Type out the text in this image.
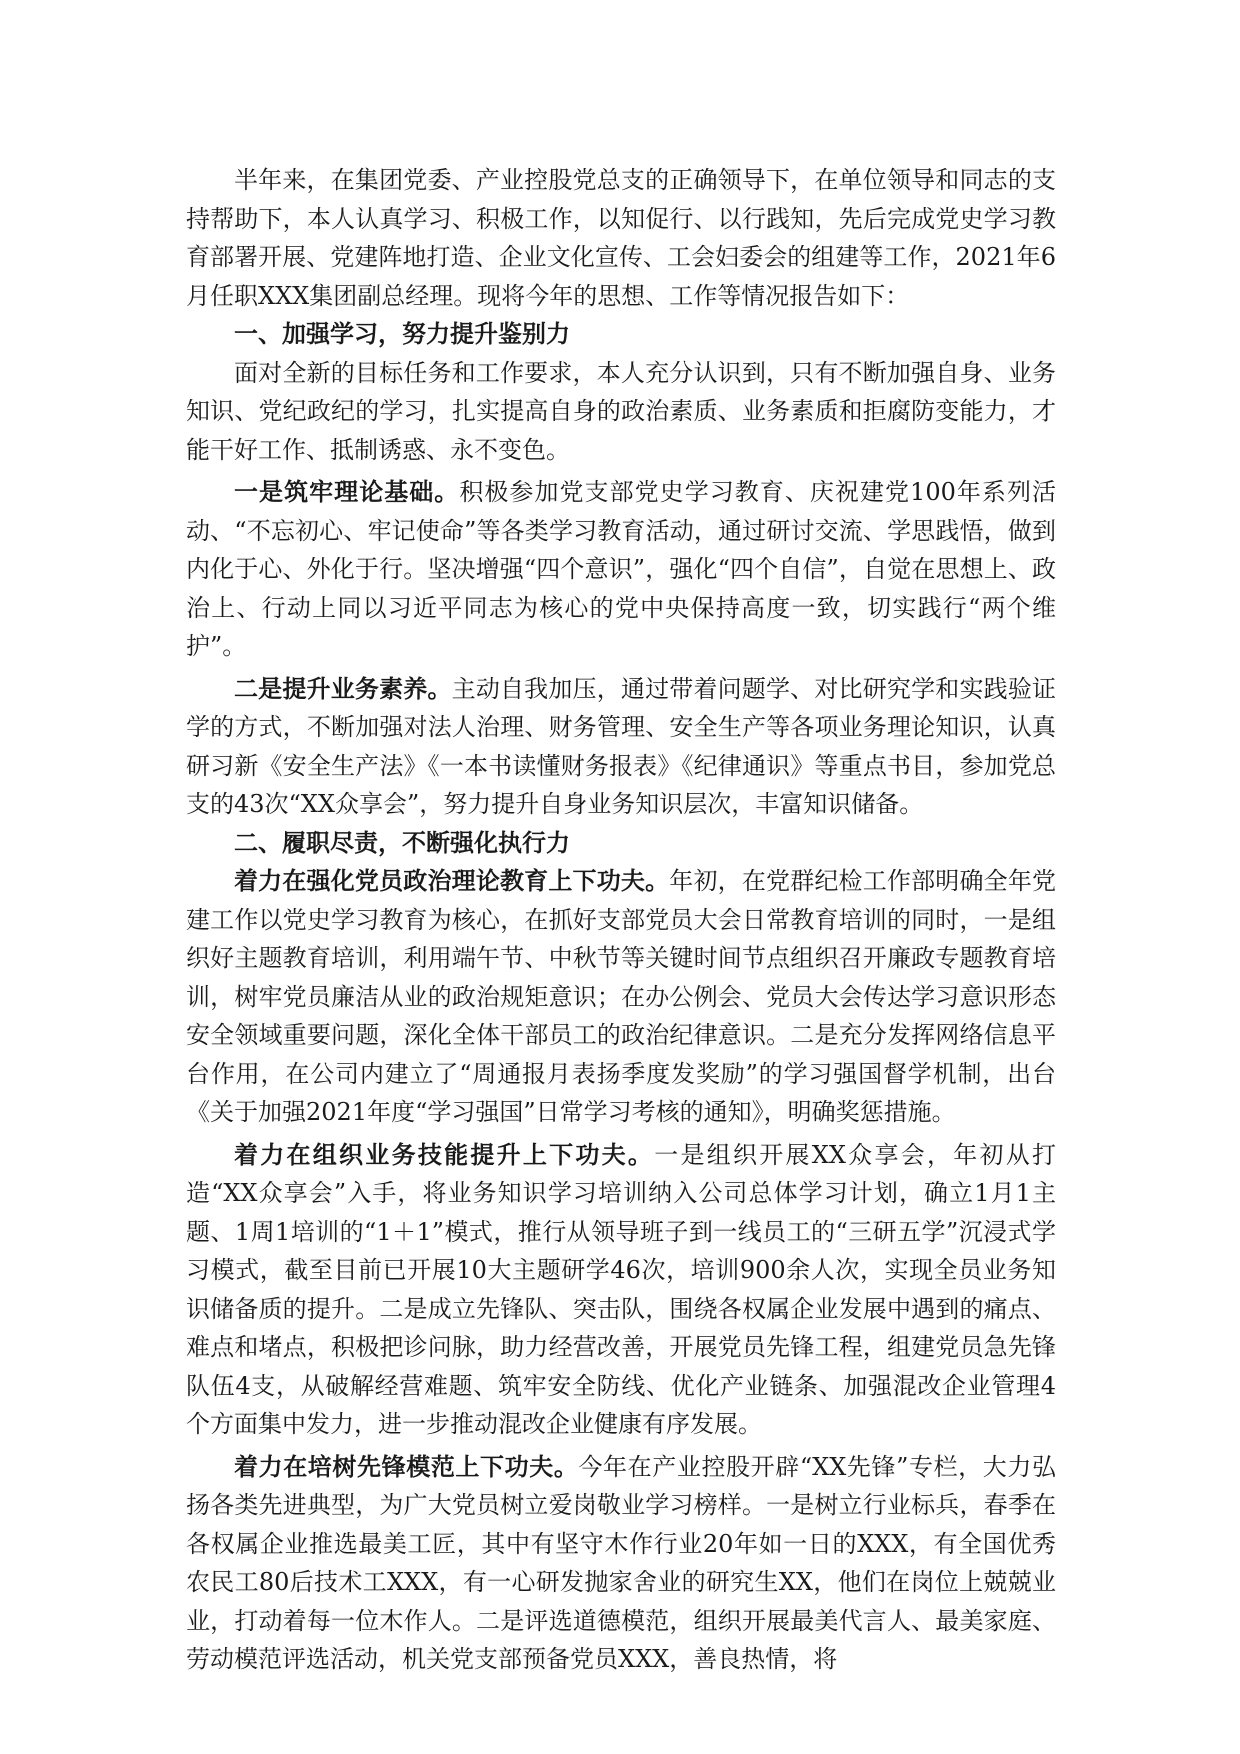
半年来，在集团党委、产业控股党总支的正确领导下，在单位领导和同志的支持帮助下，本人认真学习、积极工作，以知促行、以行践知，先后完成党史学习教育部署开展、党建阵地打造、企业文化宣传、工会妇委会的组建等工作，2021年6月任职XXX集团副总经理。现将今年的思想、工作等情况报告如下：

一、加强学习，努力提升鉴别力

面对全新的目标任务和工作要求，本人充分认识到，只有不断加强自身、业务知识、党纪政纪的学习，扎实提高自身的政治素质、业务素质和拒腐防变能力，才能干好工作、抵制诱惑、永不变色。

一是筑牢理论基础。积极参加党支部党史学习教育、庆祝建党100年系列活动、“不忘初心、牢记使命”等各类学习教育活动，通过研讨交流、学思践悟，做到内化于心、外化于行。坚决增强“四个意识”，强化“四个自信”，自觉在思想上、政治上、行动上同以习近平同志为核心的党中央保持高度一致，切实践行“两个维护”。

二是提升业务素养。主动自我加压，通过带着问题学、对比研究学和实践验证学的方式，不断加强对法人治理、财务管理、安全生产等各项业务理论知识，认真研习新《安全生产法》《一本书读懂财务报表》《纪律通识》等重点书目，参加党总支的43次“XX众享会”，努力提升自身业务知识层次，丰富知识储备。

二、履职尽责，不断强化执行力

着力在强化党员政治理论教育上下功夫。年初，在党群纪检工作部明确全年党建工作以党史学习教育为核心，在抓好支部党员大会日常教育培训的同时，一是组织好主题教育培训，利用端午节、中秋节等关键时间节点组织召开廉政专题教育培训，树牢党员廉洁从业的政治规矩意识；在办公例会、党员大会传达学习意识形态安全领域重要问题，深化全体干部员工的政治纪律意识。二是充分发挥网络信息平台作用，在公司内建立了“周通报月表扬季度发奖励”的学习强国督学机制，出台《关于加强2021年度“学习强国”日常学习考核的通知》，明确奖惩措施。

着力在组织业务技能提升上下功夫。一是组织开展XX众享会，年初从打造“XX众享会”入手，将业务知识学习培训纳入公司总体学习计划，确立1月1主题、1周1培训的“1＋1”模式，推行从领导班子到一线员工的“三研五学”沉浸式学习模式，截至目前已开展10大主题研学46次，培训900余人次，实现全员业务知识储备质的提升。二是成立先锋队、突击队，围绕各权属企业发展中遇到的痛点、难点和堵点，积极把诊问脉，助力经营改善，开展党员先锋工程，组建党员急先锋队伍4支，从破解经营难题、筑牢安全防线、优化产业链条、加强混改企业管理4个方面集中发力，进一步推动混改企业健康有序发展。

着力在培树先锋模范上下功夫。今年在产业控股开辟“XX先锋”专栏，大力弘扬各类先进典型，为广大党员树立爱岗敬业学习榜样。一是树立行业标兵，春季在各权属企业推选最美工匠，其中有坚守木作行业20年如一日的XXX，有全国优秀农民工80后技术工XXX，有一心研发抛家舍业的研究生XX，他们在岗位上兢兢业业，打动着每一位木作人。二是评选道德模范，组织开展最美代言人、最美家庭、劳动模范评选活动，机关党支部预备党员XXX，善良热情，将
